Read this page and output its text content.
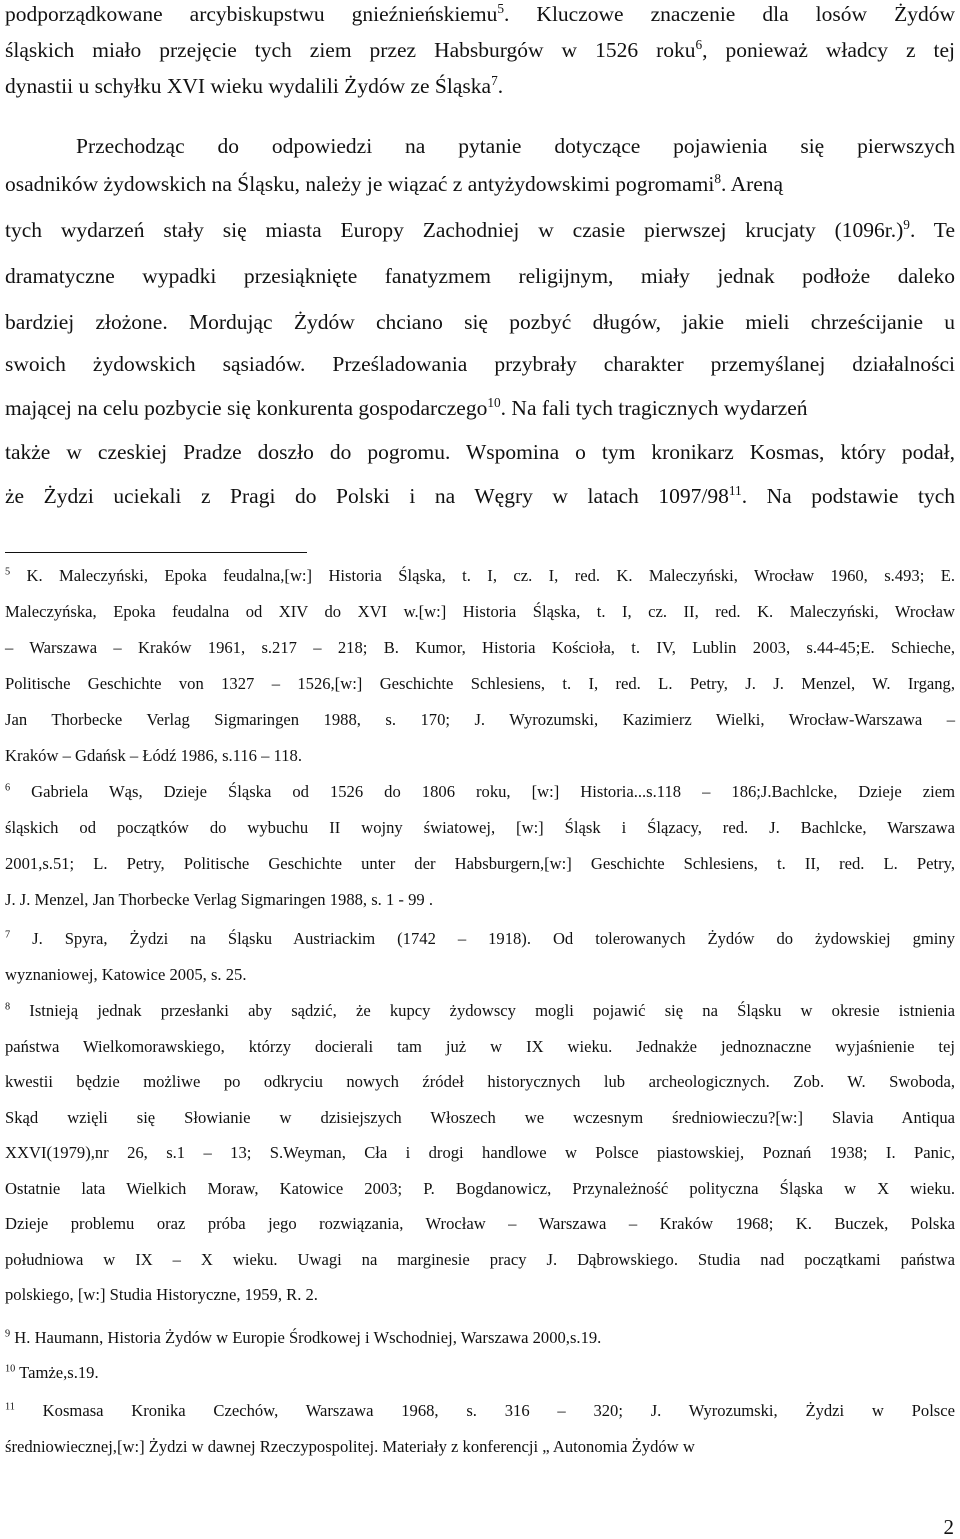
podporządkowane arcybiskupstwu gnieźnieńskiemu$^5$. Kluczowe znaczenie dla losów Żydów
śląskich miało przejęcie tych ziem przez Habsburgów w 1526 roku$^6$, ponieważ władcy z tej
dynastii u schyłku XVI wieku wydalili Żydów ze Śląska$^7$.
Przechodząc do odpowiedzi na pytanie dotyczące pojawienia się pierwszych
osadników żydowskich na Śląsku, należy je wiązać z antyżydowskimi pogromami$^8$. Areną
tych wydarzeń stały się miasta Europy Zachodniej w czasie pierwszej krucjaty $(1096r.)^9$. Te
dramatyczne wypadki przesiąknięte fanatyzmem religijnym, miały jednak podłoże daleko
bardziej złożone. Mordując Żydów chciano się pozbyć długów, jakie mieli chrześcijanie u
swoich żydowskich sąsiadów. Prześladowania przybrały charakter przemyślanej działalności
mającej na celu pozbycie się konkurenta gospodarczego$^{10}$. Na fali tych tragicznych wydarzeń
także w czeskiej Pradze doszło do pogromu. Wspomina o tym kronikarz Kosmas, który podał,
że Żydzi uciekali z Pragi do Polski i na Węgry w latach $1097/98^{11}$. Na podstawie tych
$^5$ K. Maleczyński, Epoka feudalna,[w:] Historia Śląska, t. I, cz. I, red. K. Maleczyński, Wrocław 1960, s.493; E.
Maleczyńska, Epoka feudalna od XIV do XVI w.[w:] Historia Śląska, t. I, cz. II, red. K. Maleczyński, Wrocław
– Warszawa – Kraków 1961, s.217 – 218; B. Kumor, Historia Kościoła, t. IV, Lublin 2003, s.44-45;E. Schieche,
Politische Geschichte von 1327 – 1526,[w:] Geschichte Schlesiens, t. I, red. L. Petry, J. J. Menzel, W. Irgang,
Jan Thorbecke Verlag Sigmaringen 1988, s. 170; J. Wyrozumski, Kazimierz Wielki, Wrocław-Warszawa –
Kraków – Gdańsk – Łódź 1986, s.116 – 118.
$^6$ Gabriela Wąs, Dzieje Śląska od 1526 do 1806 roku, [w:] Historia...s.118 – 186;J.Bachlcke, Dzieje ziem
śląskich od początków do wybuchu II wojny światowej, [w:] Śląsk i Ślązacy, red. J. Bachlcke, Warszawa
2001,s.51; L. Petry, Politische Geschichte unter der Habsburgern,[w:] Geschichte Schlesiens, t. II, red. L. Petry,
J. J. Menzel, Jan Thorbecke Verlag Sigmaringen 1988, s. 1 - 99 .
$^7$ J. Spyra, Żydzi na Śląsku Austriackim (1742 – 1918). Od tolerowanych Żydów do żydowskiej gminy
wyznaniowej, Katowice 2005, s. 25.
$^8$ Istnieją jednak przesłanki aby sądzić, że kupcy żydowscy mogli pojawić się na Śląsku w okresie istnienia
państwa Wielkomorawskiego, którzy docierali tam już w IX wieku. Jednakże jednoznaczne wyjaśnienie tej
kwestii będzie możliwe po odkryciu nowych źródeł historycznych lub archeologicznych. Zob. W. Swoboda,
Skąd wzięli się Słowianie w dzisiejszych Włoszech we wczesnym średniowieczu?[w:] Slavia Antiqua
XXVI(1979),nr 26, s.1 – 13; S.Weyman, Cła i drogi handlowe w Polsce piastowskiej, Poznań 1938; I. Panic,
Ostatnie lata Wielkich Moraw, Katowice 2003; P. Bogdanowicz, Przynależność polityczna Śląska w X wieku.
Dzieje problemu oraz próba jego rozwiązania, Wrocław – Warszawa – Kraków 1968; K. Buczek, Polska
południowa w IX – X wieku. Uwagi na marginesie pracy J. Dąbrowskiego. Studia nad początkami państwa
polskiego, [w:] Studia Historyczne, 1959, R. 2.
$^9$ H. Haumann, Historia Żydów w Europie Środkowej i Wschodniej, Warszawa 2000,s.19.
$^{10}$ Tamże,s.19.
$^{11}$ Kosmasa Kronika Czechów, Warszawa 1968, s. 316 – 320; J. Wyrozumski, Żydzi w Polsce
średniowiecznej,[w:] Żydzi w dawnej Rzeczypospolitej. Materiały z konferencji „ Autonomia Żydów w
2
